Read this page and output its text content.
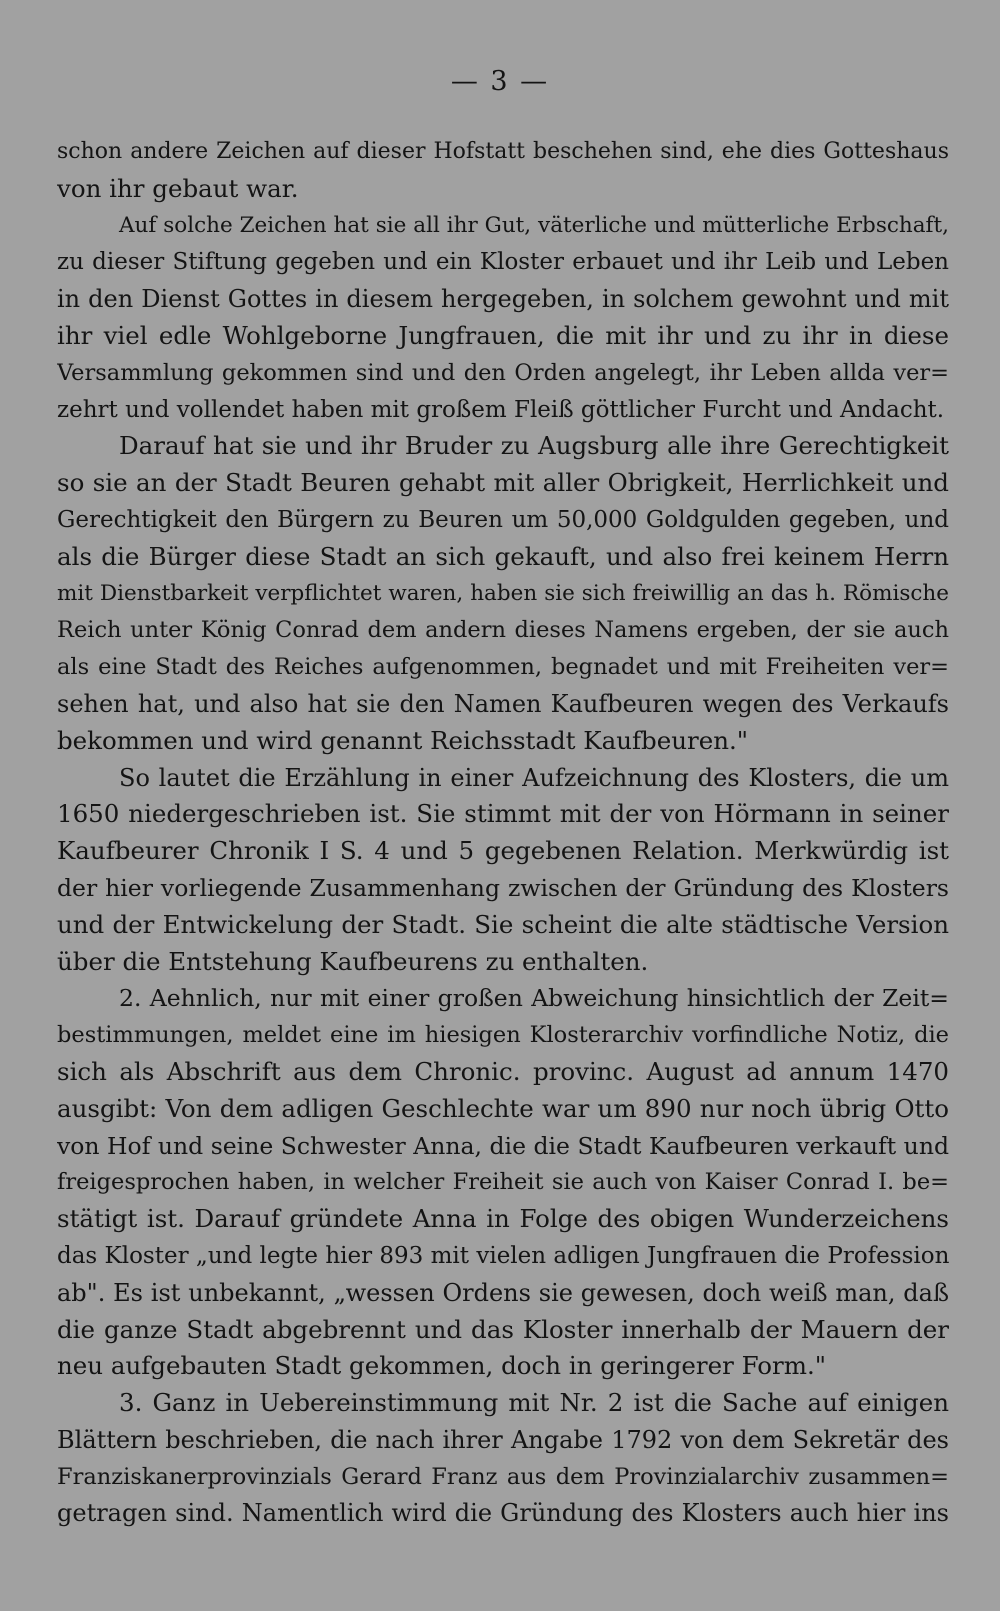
— 3 —
schon andere Zeichen auf dieser Hofstatt beschehen sind, ehe dies Gotteshaus
von ihr gebaut war.
Auf solche Zeichen hat sie all ihr Gut, väterliche und mütterliche Erbschaft,
zu dieser Stiftung gegeben und ein Kloster erbauet und ihr Leib und Leben
in den Dienst Gottes in diesem hergegeben, in solchem gewohnt und mit
ihr viel edle Wohlgeborne Jungfrauen, die mit ihr und zu ihr in diese
Versammlung gekommen sind und den Orden angelegt, ihr Leben allda ver=
zehrt und vollendet haben mit großem Fleiß göttlicher Furcht und Andacht.
Darauf hat sie und ihr Bruder zu Augsburg alle ihre Gerechtigkeit
so sie an der Stadt Beuren gehabt mit aller Obrigkeit, Herrlichkeit und
Gerechtigkeit den Bürgern zu Beuren um 50,000 Goldgulden gegeben, und
als die Bürger diese Stadt an sich gekauft, und also frei keinem Herrn
mit Dienstbarkeit verpflichtet waren, haben sie sich freiwillig an das h. Römische
Reich unter König Conrad dem andern dieses Namens ergeben, der sie auch
als eine Stadt des Reiches aufgenommen, begnadet und mit Freiheiten ver=
sehen hat, und also hat sie den Namen Kaufbeuren wegen des Verkaufs
bekommen und wird genannt Reichsstadt Kaufbeuren."
So lautet die Erzählung in einer Aufzeichnung des Klosters, die um
1650 niedergeschrieben ist. Sie stimmt mit der von Hörmann in seiner
Kaufbeurer Chronik I S. 4 und 5 gegebenen Relation. Merkwürdig ist
der hier vorliegende Zusammenhang zwischen der Gründung des Klosters
und der Entwickelung der Stadt. Sie scheint die alte städtische Version
über die Entstehung Kaufbeurens zu enthalten.
2. Aehnlich, nur mit einer großen Abweichung hinsichtlich der Zeit=
bestimmungen, meldet eine im hiesigen Klosterarchiv vorfindliche Notiz, die
sich als Abschrift aus dem Chronic. provinc. August ad annum 1470
ausgibt: Von dem adligen Geschlechte war um 890 nur noch übrig Otto
von Hof und seine Schwester Anna, die die Stadt Kaufbeuren verkauft und
freigesprochen haben, in welcher Freiheit sie auch von Kaiser Conrad I. be=
stätigt ist. Darauf gründete Anna in Folge des obigen Wunderzeichens
das Kloster „und legte hier 893 mit vielen adligen Jungfrauen die Profession
ab". Es ist unbekannt, „wessen Ordens sie gewesen, doch weiß man, daß
die ganze Stadt abgebrennt und das Kloster innerhalb der Mauern der
neu aufgebauten Stadt gekommen, doch in geringerer Form."
3. Ganz in Uebereinstimmung mit Nr. 2 ist die Sache auf einigen
Blättern beschrieben, die nach ihrer Angabe 1792 von dem Sekretär des
Franziskanerprovinzials Gerard Franz aus dem Provinzialarchiv zusammen=
getragen sind. Namentlich wird die Gründung des Klosters auch hier ins
